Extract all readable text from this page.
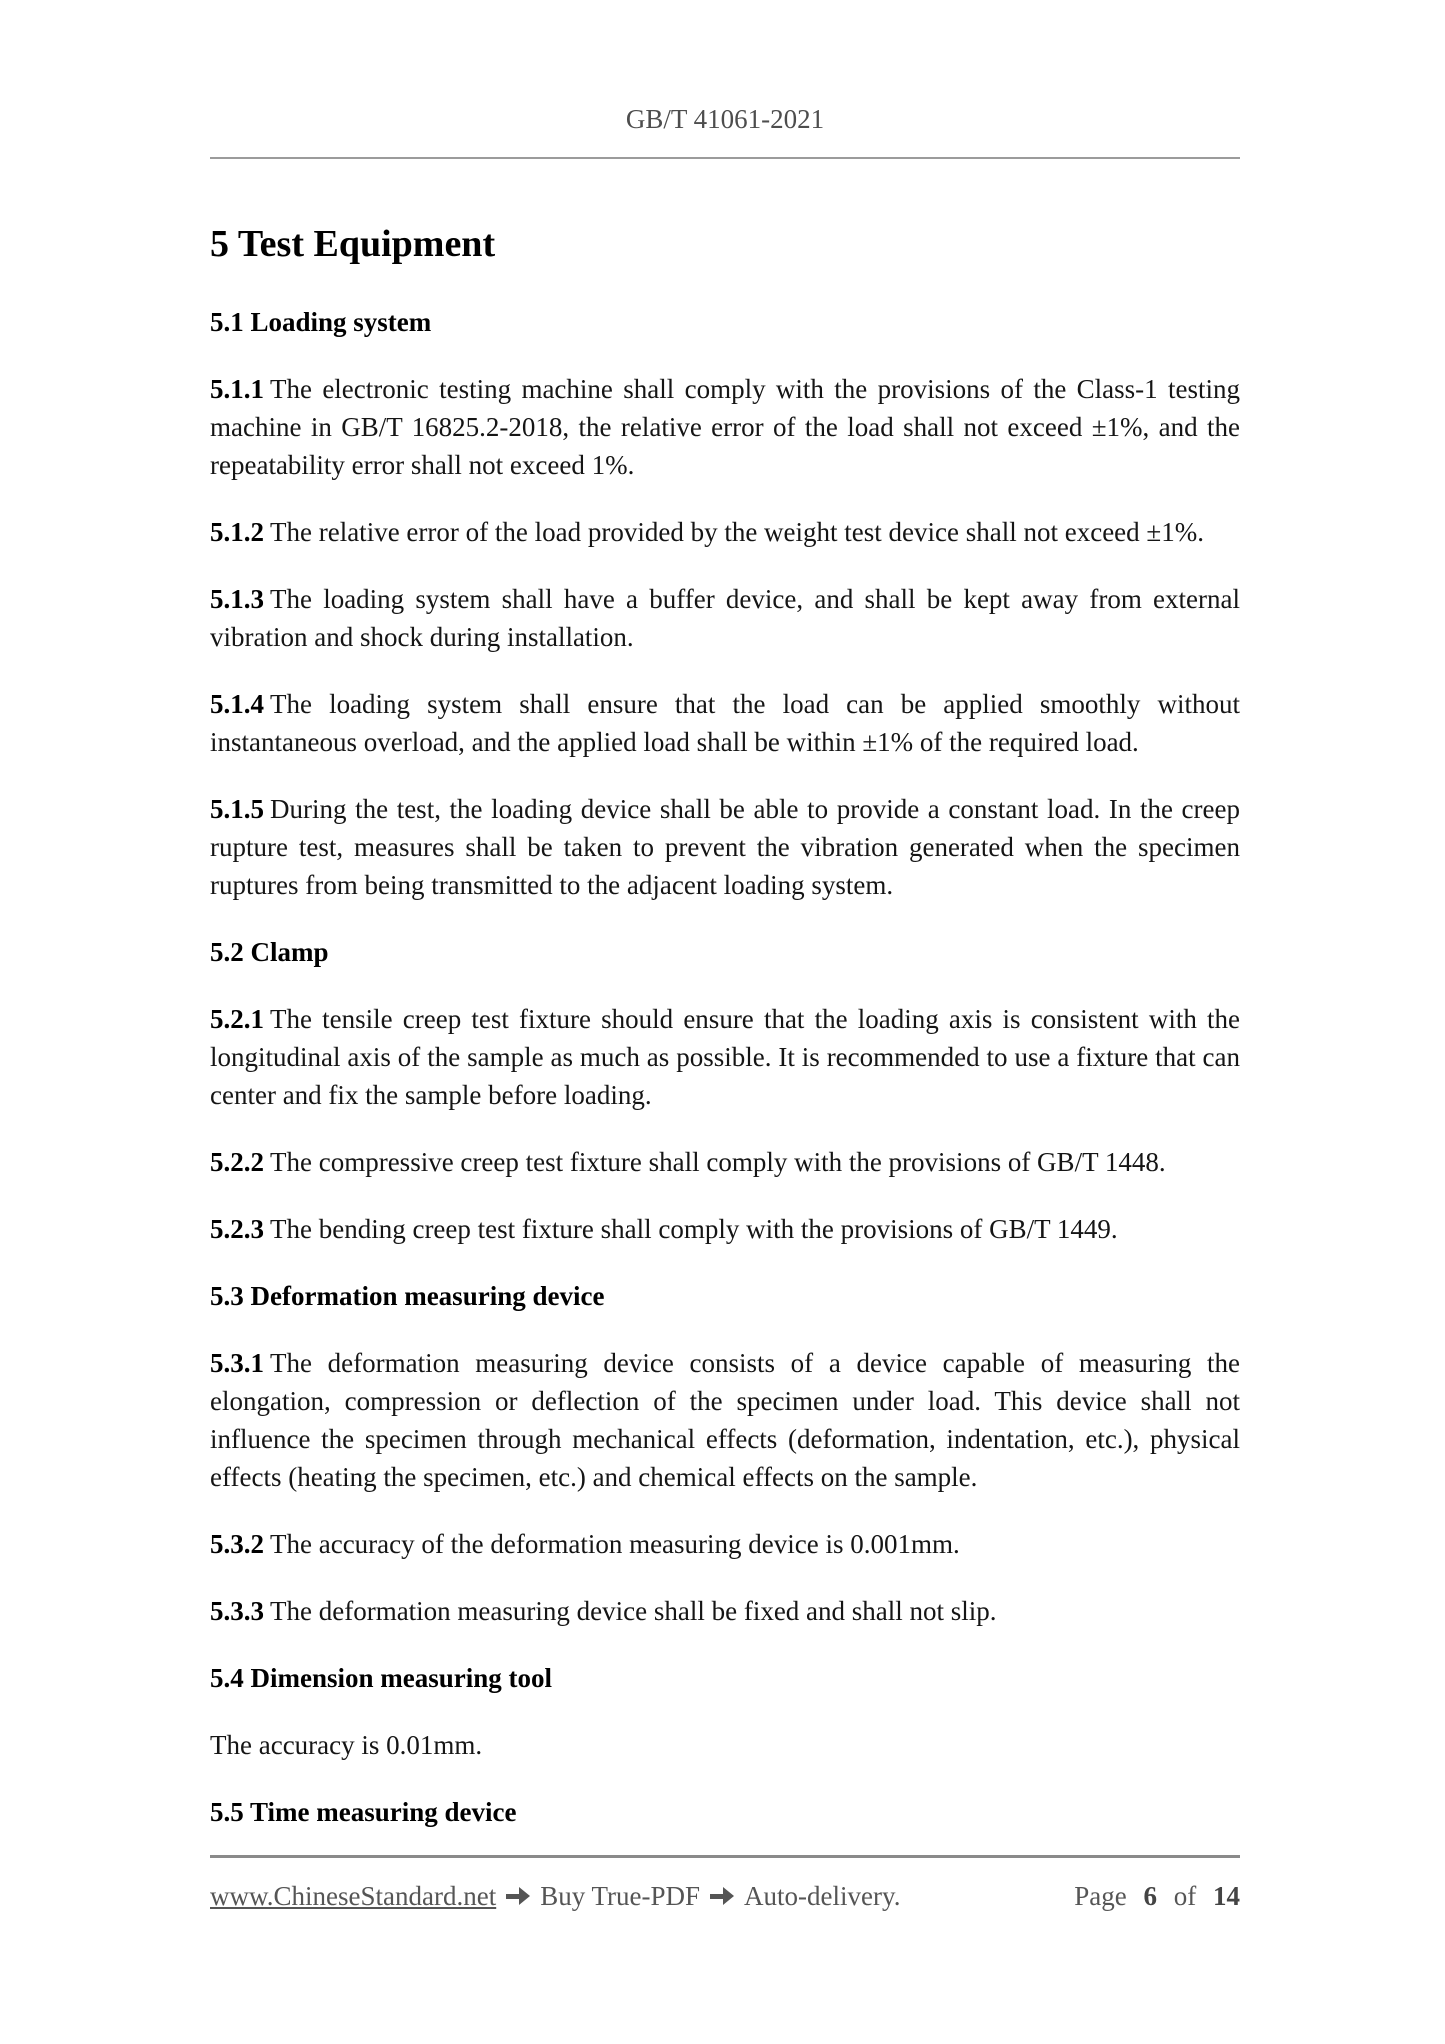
GB/T 41061-2021
5 Test Equipment
5.1 Loading system

5.1.1 The electronic testing machine shall comply with the provisions of the Class-1 testing machine in GB/T 16825.2-2018, the relative error of the load shall not exceed ±1%, and the repeatability error shall not exceed 1%.

5.1.2 The relative error of the load provided by the weight test device shall not exceed ±1%.

5.1.3 The loading system shall have a buffer device, and shall be kept away from external vibration and shock during installation.

5.1.4 The loading system shall ensure that the load can be applied smoothly without instantaneous overload, and the applied load shall be within ±1% of the required load.

5.1.5 During the test, the loading device shall be able to provide a constant load. In the creep rupture test, measures shall be taken to prevent the vibration generated when the specimen ruptures from being transmitted to the adjacent loading system.

5.2 Clamp

5.2.1 The tensile creep test fixture should ensure that the loading axis is consistent with the longitudinal axis of the sample as much as possible. It is recommended to use a fixture that can center and fix the sample before loading.

5.2.2 The compressive creep test fixture shall comply with the provisions of GB/T 1448.

5.2.3 The bending creep test fixture shall comply with the provisions of GB/T 1449.

5.3 Deformation measuring device

5.3.1 The deformation measuring device consists of a device capable of measuring the elongation, compression or deflection of the specimen under load. This device shall not influence the specimen through mechanical effects (deformation, indentation, etc.), physical effects (heating the specimen, etc.) and chemical effects on the sample.

5.3.2 The accuracy of the deformation measuring device is 0.001mm.

5.3.3 The deformation measuring device shall be fixed and shall not slip.

5.4 Dimension measuring tool

The accuracy is 0.01mm.

5.5 Time measuring device
www.ChineseStandard.net Buy True-PDF Auto-delivery.	Page 6 of 14
